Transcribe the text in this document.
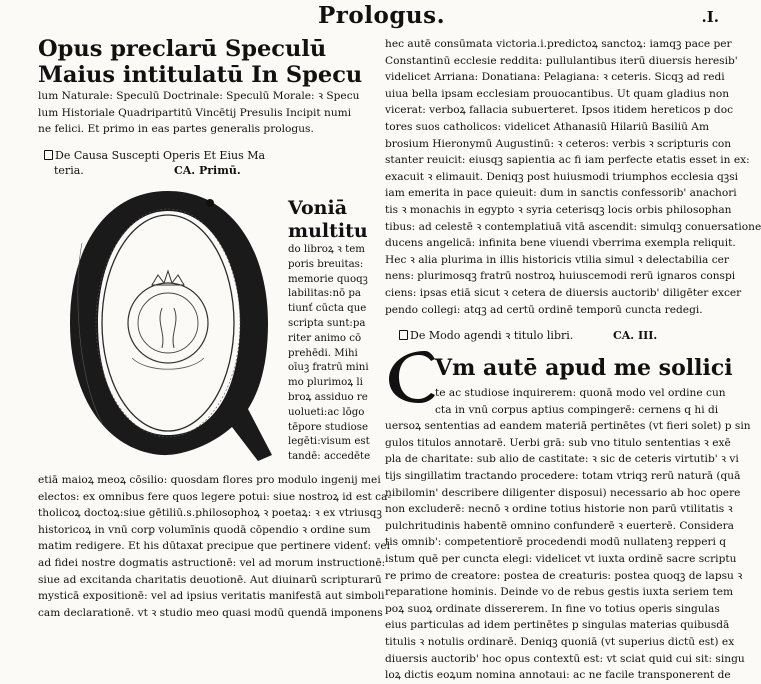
Prologus.	.I.
Opus preclarū Speculū
Maius intitulatū In Specu
lum Naturale: Speculū Doctrinale: Speculū Morale: ꝛ Specu
lum Historiale Quadripartitū Vincētij Presulis Incipit numi
ne felici. Et primo in eas partes generalis prologus.
De Causa Suscepti Operis Et Eius Ma
teria.	CA. Primū.
Voniā
multitu
do libroꝝ ꝛ tem
poris breuitas:
memorie quoqꝫ
labilitas:nō pa
tiunť cūcta que
scripta sunt:pa
riter animo cō
prehēdi. Mihi
oīuꝫ fratrū mini
mo plurimoꝝ li
broꝝ assiduo re
uolueti:ac lōgo
tēpore studiose
legēti:visum est
tandē: accedēte
etiā maioꝝ meoꝝ cōsilio: quosdam flores pro modulo ingenij mei
electos: ex omnibus fere quos legere potui: siue nostroꝝ id est ca-
tholicoꝝ doctoꝝ:siue gētiliū.s.philosophoꝝ ꝛ poetaꝝ: ꝛ ex vtriusqꝫ
historicoꝝ in vnū corꝑ volumīnis quodā cōpendio ꝛ ordine sum
matim redigere. Et his dūtaxat precipue que pertinere videnť: vel
ad fidei nostre dogmatis astructionē: vel ad morum instructionē:
siue ad excitanda charitatis deuotionē. Aut diuinarū scripturarū
mysticā expositionē: vel ad ipsius veritatis manifestā aut simboli
cam declarationē. vt ꝛ studio meo quasi modū quendā imponens
hec autē consūmata victoria.i.predictoꝝ sanctoꝝ: iamqꝫ pace per
Constantinū ecclesie reddita: pullulantibus iterū diuersis heresib'
videlicet Arriana: Donatiana: Pelagiana: ꝛ ceteris. Sicqꝫ ad redi
uiua bella ipsam ecclesiam prouocantibus. Ut quam gladius non
vicerat: verboꝝ fallacia subuerteret. Ipsos itidem hereticos p doc
tores suos catholicos: videlicet Athanasiū Hilariū Basiliū Am
brosium Hieronymū Augustinū: ꝛ ceteros: verbis ꝛ scripturis con
stanter reuicit: eiusqꝫ sapientia ac fi iam perfecte etatis esset in ex:
exacuit ꝛ elimauit. Deniqꝫ post huiusmodi triumphos ecclesia qꝫsi
iam emerita in pace quieuit: dum in sanctis confessorib' anachori
tis ꝛ monachis in egypto ꝛ syria ceterisqꝫ locis orbis philosophan
tibus: ad celestē ꝛ contemplatiuā vitā ascendit: simulqꝫ conuersatione
ducens angelicā: infinita bene viuendi vberrima exempla reliquit.
Hec ꝛ alia plurima in illis historicis vtilia simul ꝛ delectabilia cer
nens: plurimosqꝫ fratrū nostroꝝ huiuscemodi rerū ignaros conspi
ciens: ipsas etiā sicut ꝛ cetera de diuersis auctorib' diligēter excer
pendo collegi: atqꝫ ad certū ordinē temporū cuncta redegi.
De Modo agendi ꝛ titulo libri.	CA. III.
Vm autē apud me sollici
te ac studiose inquirerem: quonā modo vel ordine cun
cta in vnū corpus aptius compingerē: cernens q hi di
uersoꝝ sententias ad eandem materiā pertinētes (vt fieri solet) p sin
gulos titulos annotarē. Uerbi grā: sub vno titulo sententias ꝛ exē
pla de charitate: sub alio de castitate: ꝛ sic de ceteris virtutib' ꝛ vi
tijs singillatim tractando procedere: totam vtriqꝫ rerū naturā (quā
nibilomin' describere diligenter disposui) necessario ab hoc opere
non excluderē: necnō ꝛ ordine totius historie non parū vtilitatis ꝛ
pulchritudinis habentē omnino confunderē ꝛ euerterē. Considera
tis omnib': competentiorē procedendi modū nullatenꝫ repperi q
istum quē per cuncta elegi: videlicet vt iuxta ordinē sacre scriptu
re primo de creatore: postea de creaturis: postea quoqꝫ de lapsu ꝛ
reparatione hominis. Deinde vo de rebus gestis iuxta seriem tem
poꝝ suoꝝ ordinate dissererem. In fine vo totius operis singulas
eius particulas ad idem pertinētes p singulas materias quibusdā
titulis ꝛ notulis ordinarē. Deniqꝫ quoniā (vt superius dictū est) ex
diuersis auctorib' hoc opus contextū est: vt sciat quid cui sit: singu
loꝝ dictis eoꝝum nomina annotaui: ac ne facile transponerent de
